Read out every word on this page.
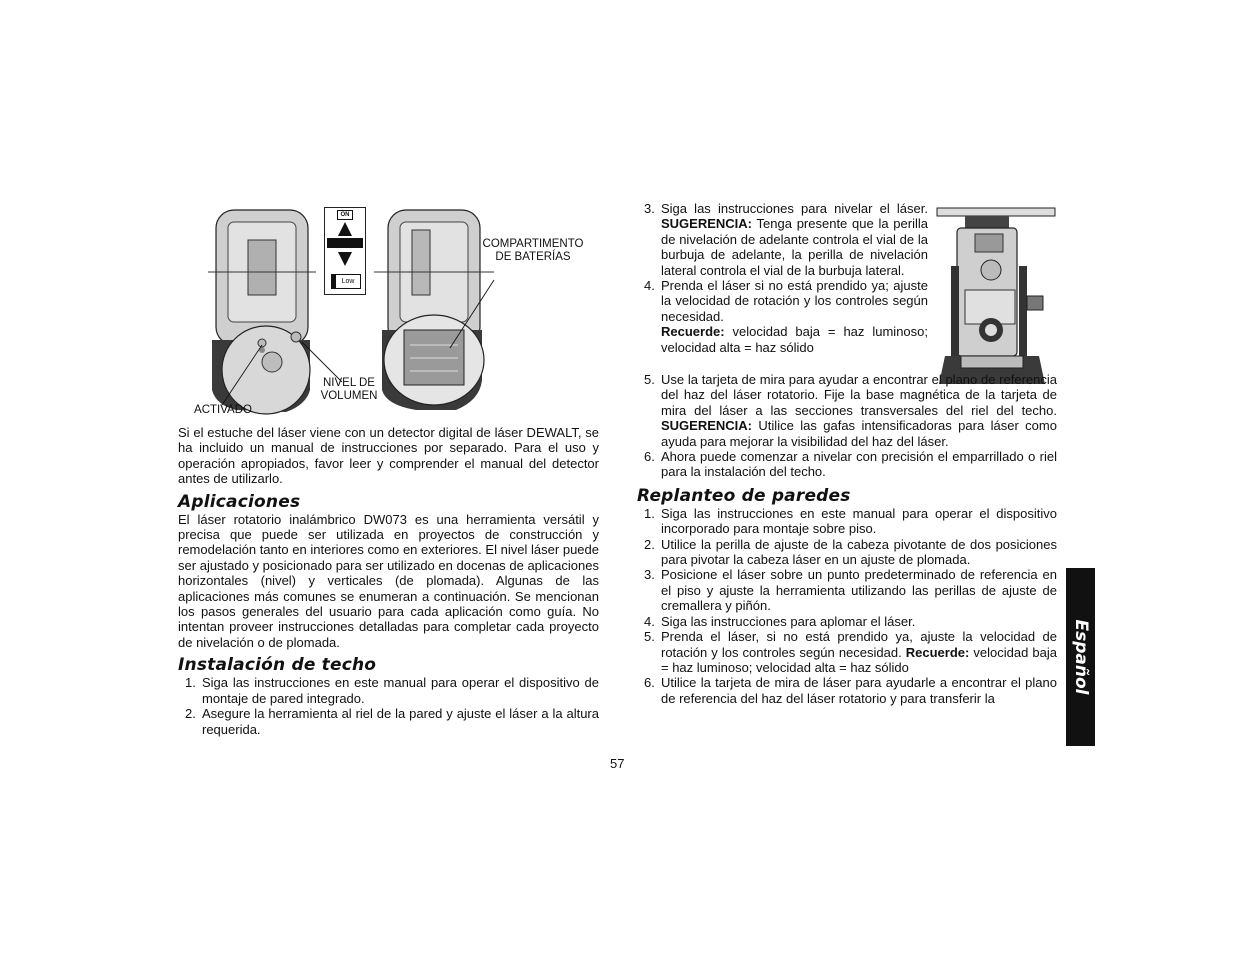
ON
Low
COMPARTIMENTO
DE BATERÍAS
NIVEL DE
VOLUMEN
ACTIVADO

Si el estuche del láser viene con un detector digital de láser DEWALT, se ha incluido un manual de instrucciones por separado. Para el uso y operación apropiados, favor leer y comprender el manual del detector antes de utilizarlo.

Aplicaciones

El láser rotatorio inalámbrico DW073 es una herramienta versátil y precisa que puede ser utilizada en proyectos de construcción y remodelación tanto en interiores como en exteriores. El nivel láser puede ser ajustado y posicionado para ser utilizado en docenas de aplicaciones horizontales (nivel) y verticales (de plomada). Algunas de las aplicaciones más comunes se enumeran a continuación. Se mencionan los pasos generales del usuario para cada aplicación como guía. No intentan proveer instrucciones detalladas para completar cada proyecto de nivelación o de plomada.

Instalación de techo
1. Siga las instrucciones en este manual para operar el dispositivo de montaje de pared integrado.
2. Asegure la herramienta al riel de la pared y ajuste el láser a la altura requerida.
3. Siga las instrucciones para nivelar el láser. SUGERENCIA: Tenga presente que la perilla de nivelación de adelante controla el vial de la burbuja de adelante, la perilla de nivelación lateral controla el vial de la burbuja lateral.
4. Prenda el láser si no está prendido ya; ajuste la velocidad de rotación y los controles según necesidad.
Recuerde: velocidad baja = haz luminoso; velocidad alta = haz sólido
5. Use la tarjeta de mira para ayudar a encontrar el plano de referencia del haz del láser rotatorio. Fije la base magnética de la tarjeta de mira del láser a las secciones transversales del riel del techo. SUGERENCIA: Utilice las gafas intensificadoras para láser como ayuda para mejorar la visibilidad del haz del láser.
6. Ahora puede comenzar a nivelar con precisión el emparrillado o riel para la instalación del techo.
Replanteo de paredes
1. Siga las instrucciones en este manual para operar el dispositivo incorporado para montaje sobre piso.
2. Utilice la perilla de ajuste de la cabeza pivotante de dos posiciones para pivotar la cabeza láser en un ajuste de plomada.
3. Posicione el láser sobre un punto predeterminado de referencia en el piso y ajuste la herramienta utilizando las perillas de ajuste de cremallera y piñón.
4. Siga las instrucciones para aplomar el láser.
5. Prenda el láser, si no está prendido ya, ajuste la velocidad de rotación y los controles según necesidad. Recuerde: velocidad baja = haz luminoso; velocidad alta = haz sólido
6. Utilice la tarjeta de mira de láser para ayudarle a encontrar el plano de referencia del haz del láser rotatorio y para transferir la
Español
57
